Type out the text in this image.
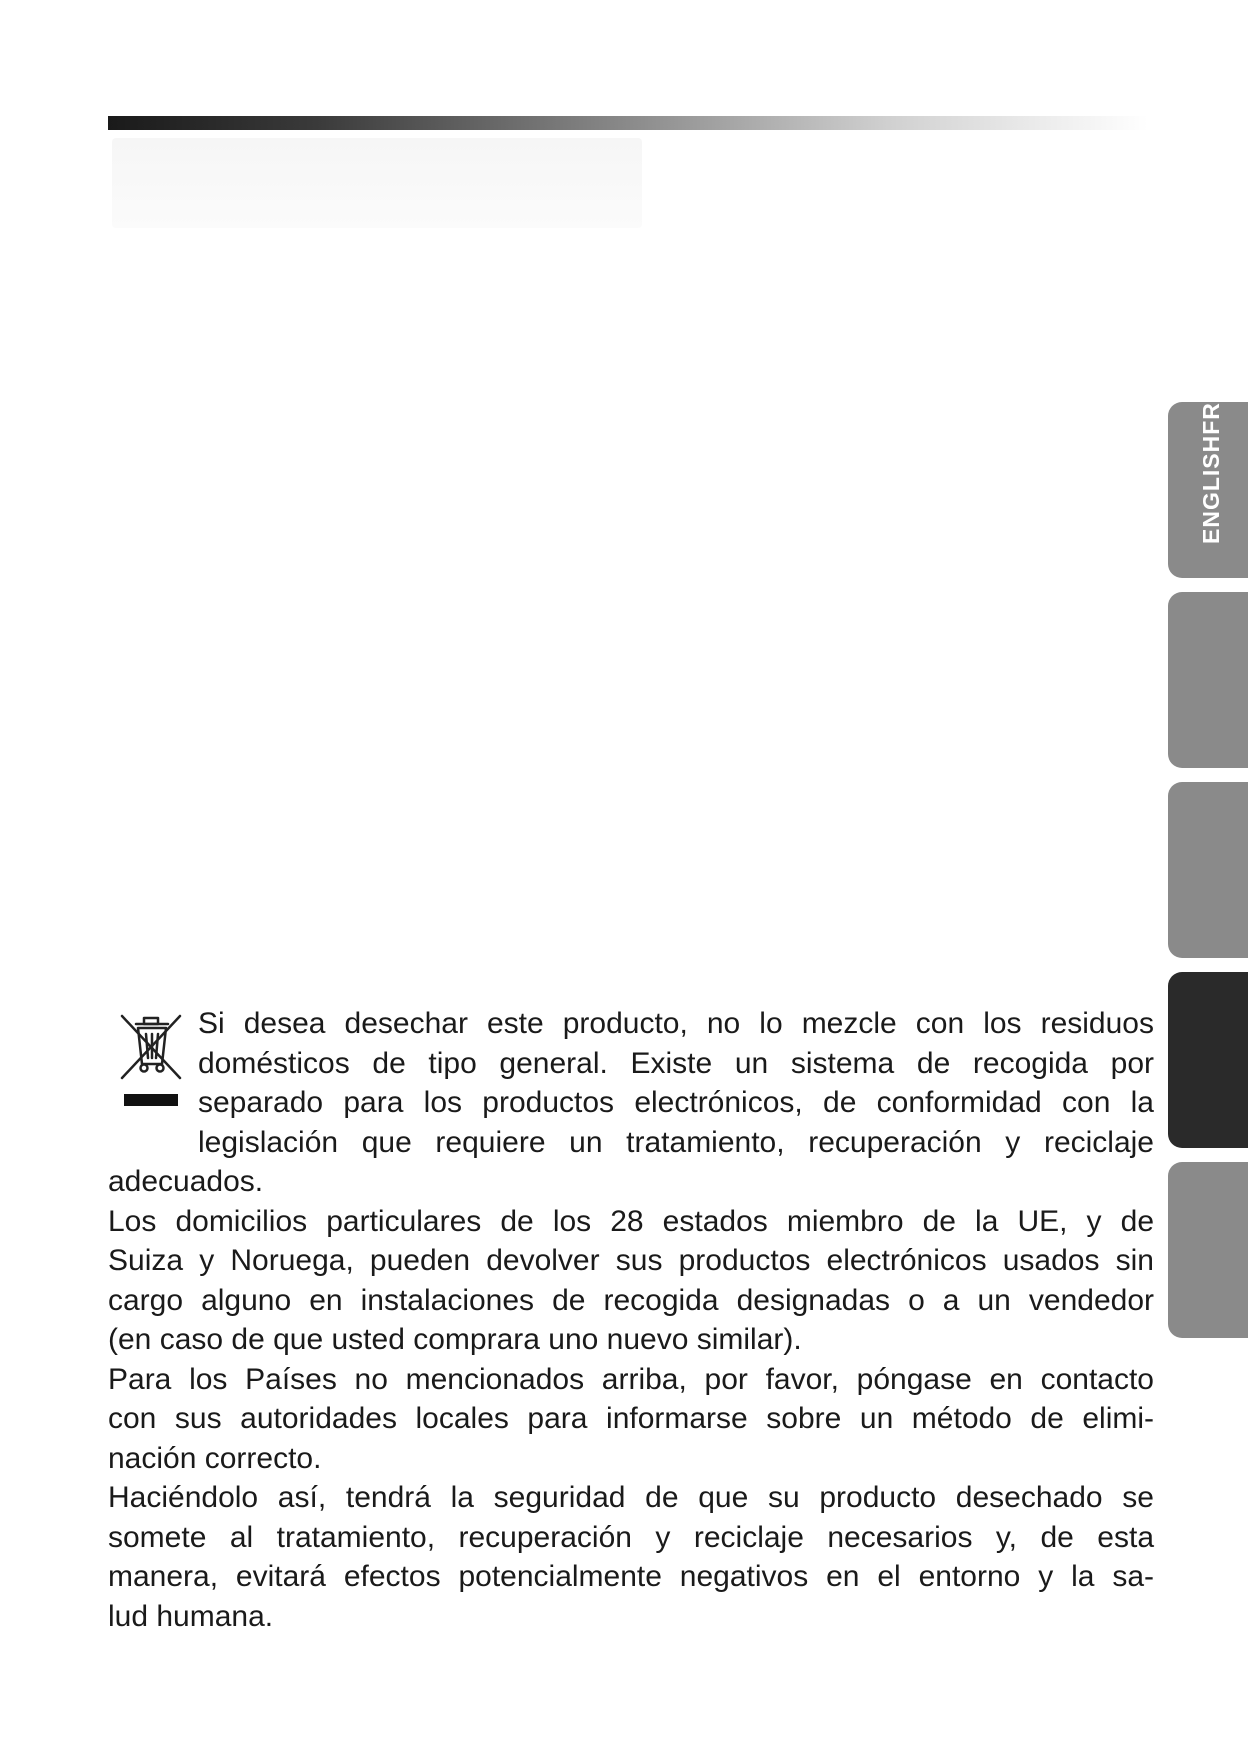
ENGLISHFR
Si desea desechar este producto, no lo mezcle con los residuos
domésticos de tipo general. Existe un sistema de recogida por
separado para los productos electrónicos, de conformidad con la
legislación que requiere un tratamiento, recuperación y reciclaje
adecuados.
Los domicilios particulares de los 28 estados miembro de la UE, y de
Suiza y Noruega, pueden devolver sus productos electrónicos usados sin
cargo alguno en instalaciones de recogida designadas o a un vendedor
(en caso de que usted comprara uno nuevo similar).
Para los Países no mencionados arriba, por favor, póngase en contacto
con sus autoridades locales para informarse sobre un método de elimi-
nación correcto.
Haciéndolo así, tendrá la seguridad de que su producto desechado se
somete al tratamiento, recuperación y reciclaje necesarios y, de esta
manera, evitará efectos potencialmente negativos en el entorno y la sa-
lud humana.
